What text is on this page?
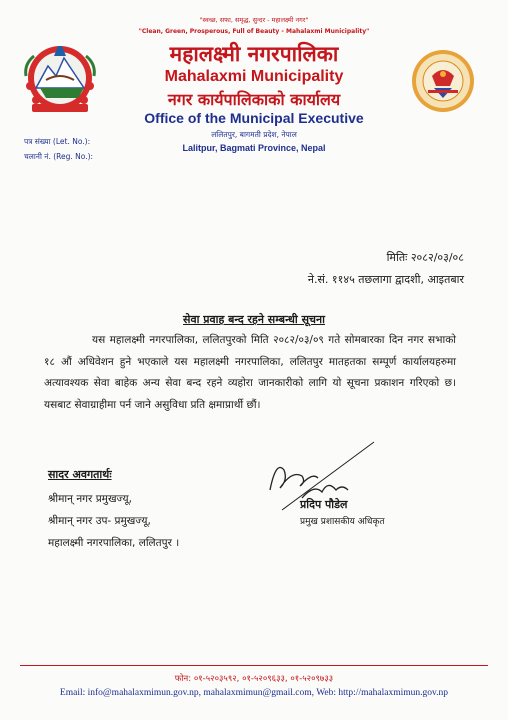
"स्वच्छ, सफा, समृद्ध, सुन्दर - महालक्ष्मी नगर"
"Clean, Green, Prosperous, Full of Beauty - Mahalaxmi Municipality"
महालक्ष्मी नगरपालिका
Mahalaxmi Municipality
नगर कार्यपालिकाको कार्यालय
Office of the Municipal Executive
ललितपुर, बागमती प्रदेश, नेपाल
Lalitpur, Bagmati Province, Nepal
पत्र संख्या (Let. No.):
चलानी नं. (Reg. No.):
मितिः २०८२/०३/०८
ने.सं. ११४५ तछलागा द्वादशी, आइतबार
सेवा प्रवाह बन्द रहने सम्बन्धी सूचना
यस महालक्ष्मी नगरपालिका, ललितपुरको मिति २०८२/०३/०९ गते सोमबारका दिन नगर सभाको १८ औं अधिवेशन हुने भएकाले यस महालक्ष्मी नगरपालिका, ललितपुर मातहतका सम्पूर्ण कार्यालयहरुमा अत्यावश्यक सेवा बाहेक अन्य सेवा बन्द रहने व्यहोरा जानकारीको लागि यो सूचना प्रकाशन गरिएको छ। यसबाट सेवाग्राहीमा पर्न जाने असुविधा प्रति क्षमाप्रार्थी छौं।
प्रदिप पौडेल
प्रमुख प्रशासकीय अधिकृत
सादर अवगतार्थः
श्रीमान् नगर प्रमुखज्यू,
श्रीमान् नगर उप- प्रमुखज्यू,
महालक्ष्मी नगरपालिका, ललितपुर ।
फोन: ०१-५२०३५९२, ०१-५२०९६३३, ०१-५२०९७३३
Email: info@mahalaxmimun.gov.np, mahalaxmimun@gmail.com, Web: http://mahalaxmimun.gov.np
